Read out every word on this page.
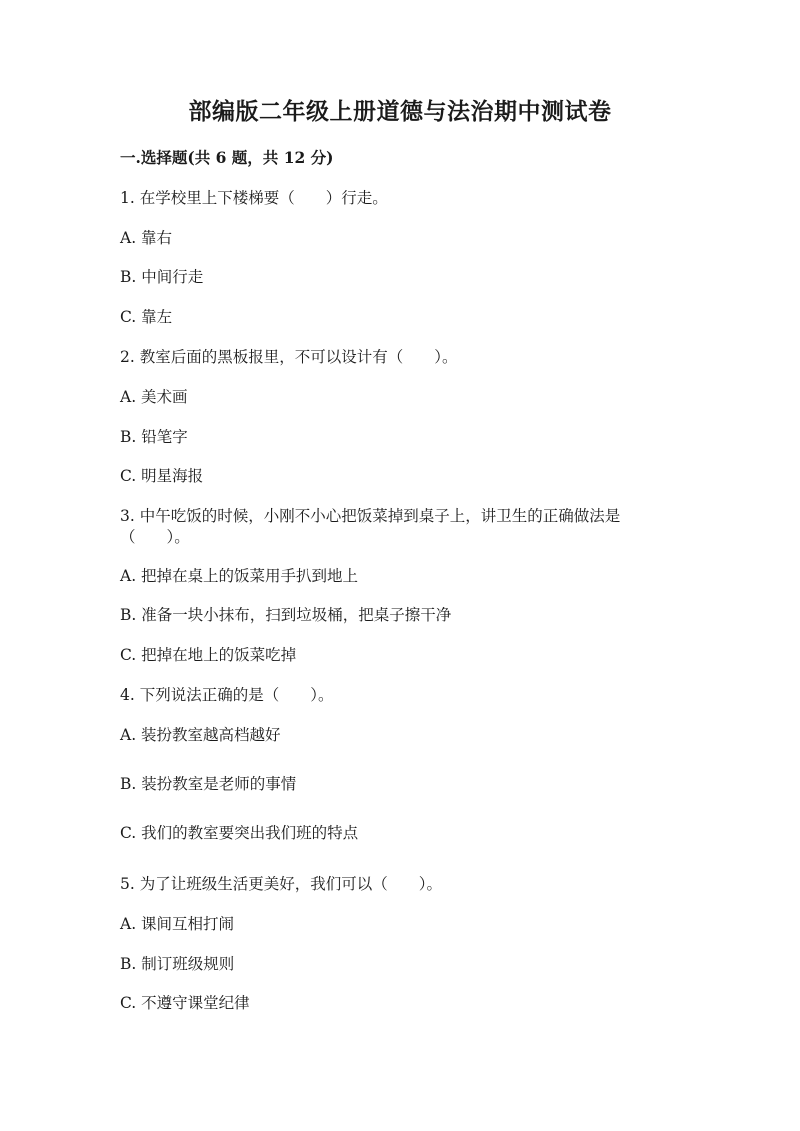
部编版二年级上册道德与法治期中测试卷
一.选择题(共 6 题，共 12 分)
1. 在学校里上下楼梯要（　　）行走。
A. 靠右
B. 中间行走
C. 靠左
2. 教室后面的黑板报里，不可以设计有（　　）。
A. 美术画
B. 铅笔字
C. 明星海报
3. 中午吃饭的时候，小刚不小心把饭菜掉到桌子上，讲卫生的正确做法是
（　　）。
A. 把掉在桌上的饭菜用手扒到地上
B. 准备一块小抹布，扫到垃圾桶，把桌子擦干净
C. 把掉在地上的饭菜吃掉
4. 下列说法正确的是（　　）。
A. 装扮教室越高档越好
B. 装扮教室是老师的事情
C. 我们的教室要突出我们班的特点
5. 为了让班级生活更美好，我们可以（　　）。
A. 课间互相打闹
B. 制订班级规则
C. 不遵守课堂纪律
